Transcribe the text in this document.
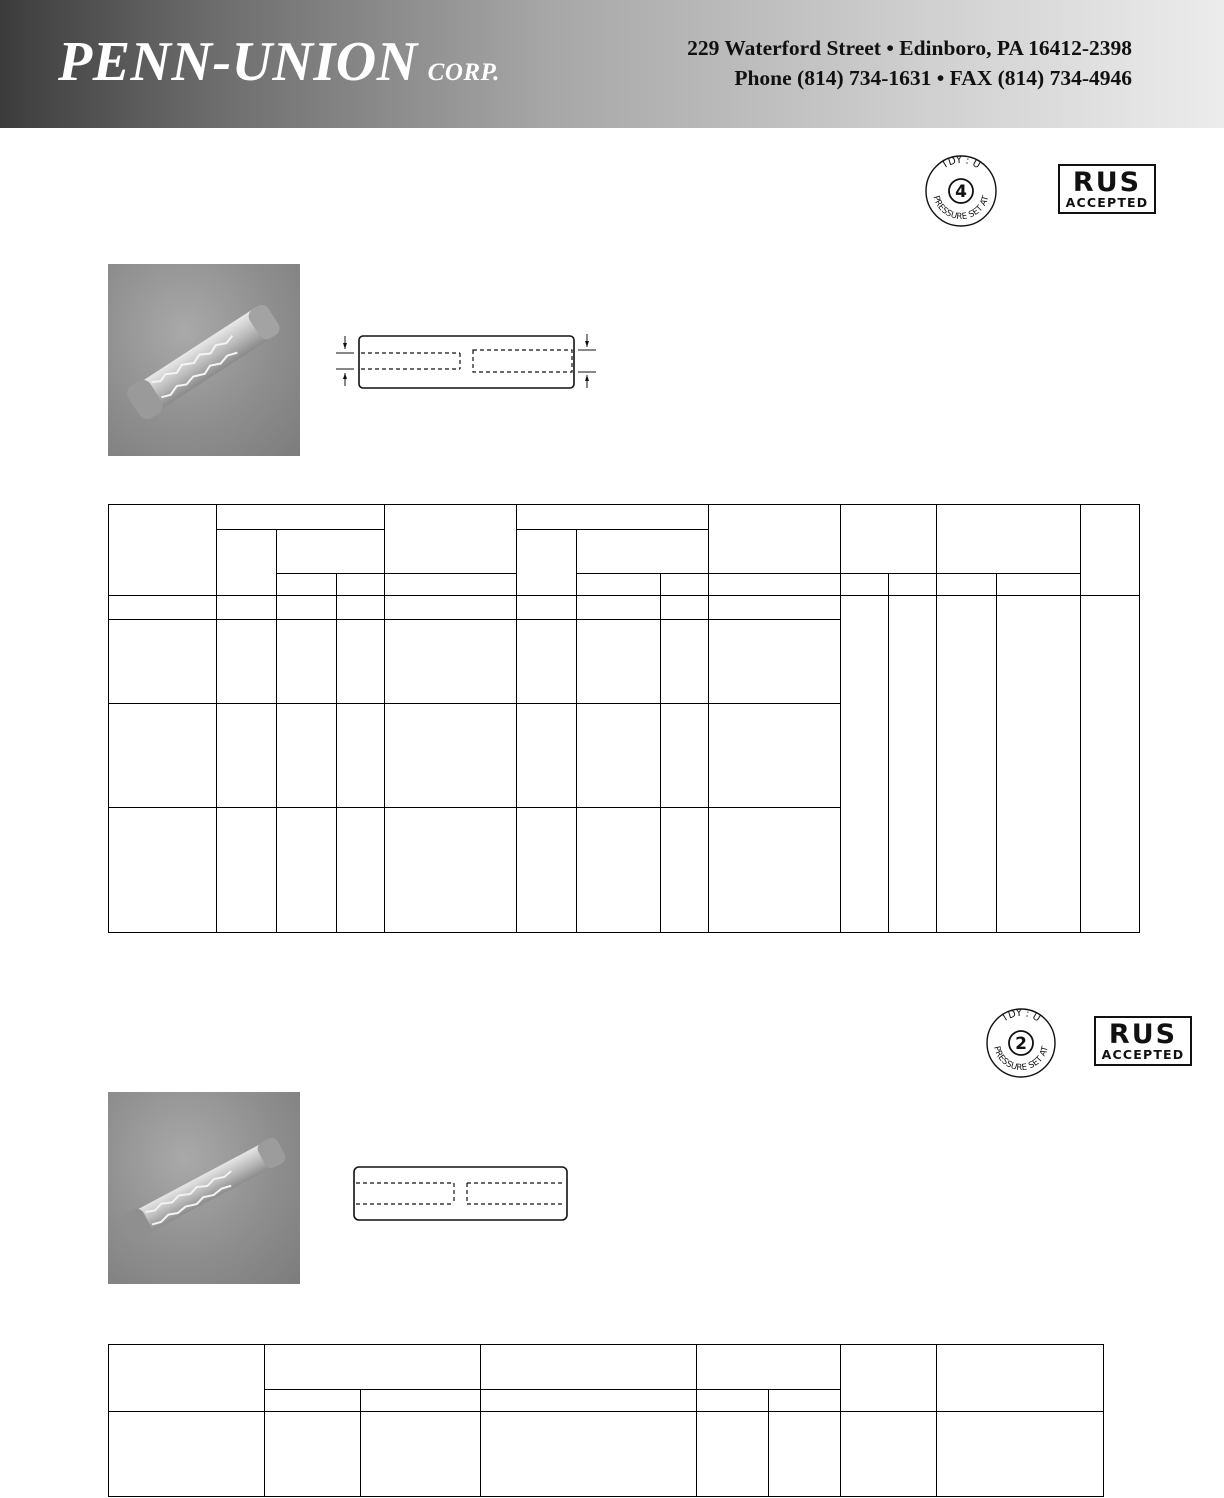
PENN-UNION CORP.
229 Waterford Street • Edinboro, PA 16412-2398
Phone (814) 734-1631 • FAX (814) 734-4946
TDY : U
4
PRESSURE SET AT
RUS
ACCEPTED
TDY : U
2
PRESSURE SET AT	RUS
ACCEPTED
